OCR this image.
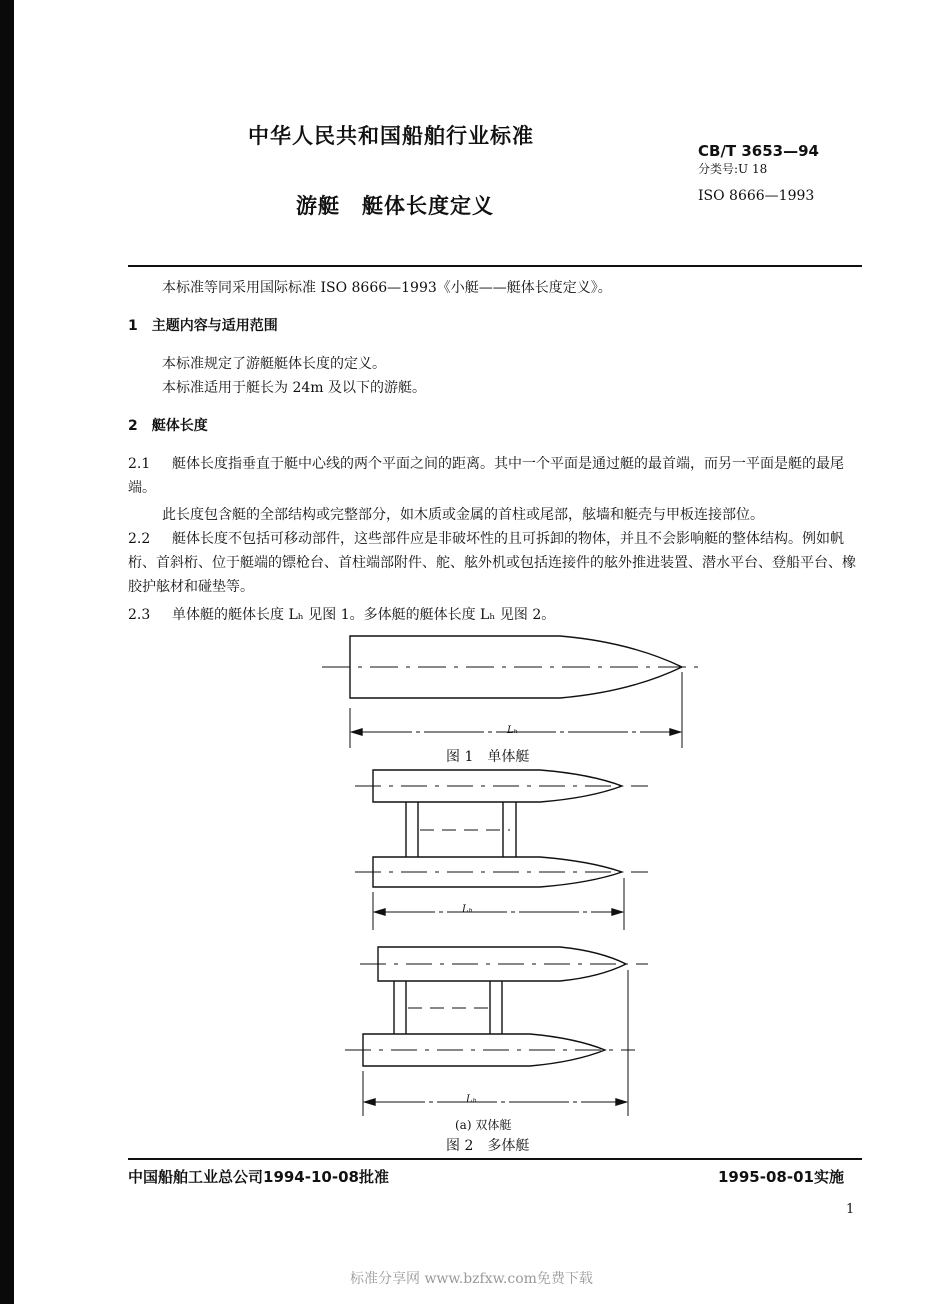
中华人民共和国船舶行业标准
CB/T 3653—94
分类号:U 18
ISO 8666—1993
游艇　艇体长度定义

本标准等同采用国际标准 ISO 8666—1993《小艇——艇体长度定义》。

1　主题内容与适用范围

本标准规定了游艇艇体长度的定义。

本标准适用于艇长为 24m 及以下的游艇。

2　艇体长度

2.1	艇体长度指垂直于艇中心线的两个平面之间的距离。其中一个平面是通过艇的最首端，而另一平面是艇的最尾端。

此长度包含艇的全部结构或完整部分，如木质或金属的首柱或尾部，舷墙和艇壳与甲板连接部位。

2.2	艇体长度不包括可移动部件，这些部件应是非破坏性的且可拆卸的物体，并且不会影响艇的整体结构。例如帆桁、首斜桁、位于艇端的镖枪台、首柱端部附件、舵、舷外机或包括连接件的舷外推进装置、潜水平台、登船平台、橡胶护舷材和碰垫等。

2.3 单体艇的艇体长度 Lₕ 见图 1。多体艇的艇体长度 Lₕ 见图 2。

Lₕ
图 1　单体艇
Lₕ
Lₕ
(a) 双体艇
图 2　多体艇
中国船舶工业总公司1994-10-08批准	1995-08-01实施
1
标准分享网 www.bzfxw.com免费下载
